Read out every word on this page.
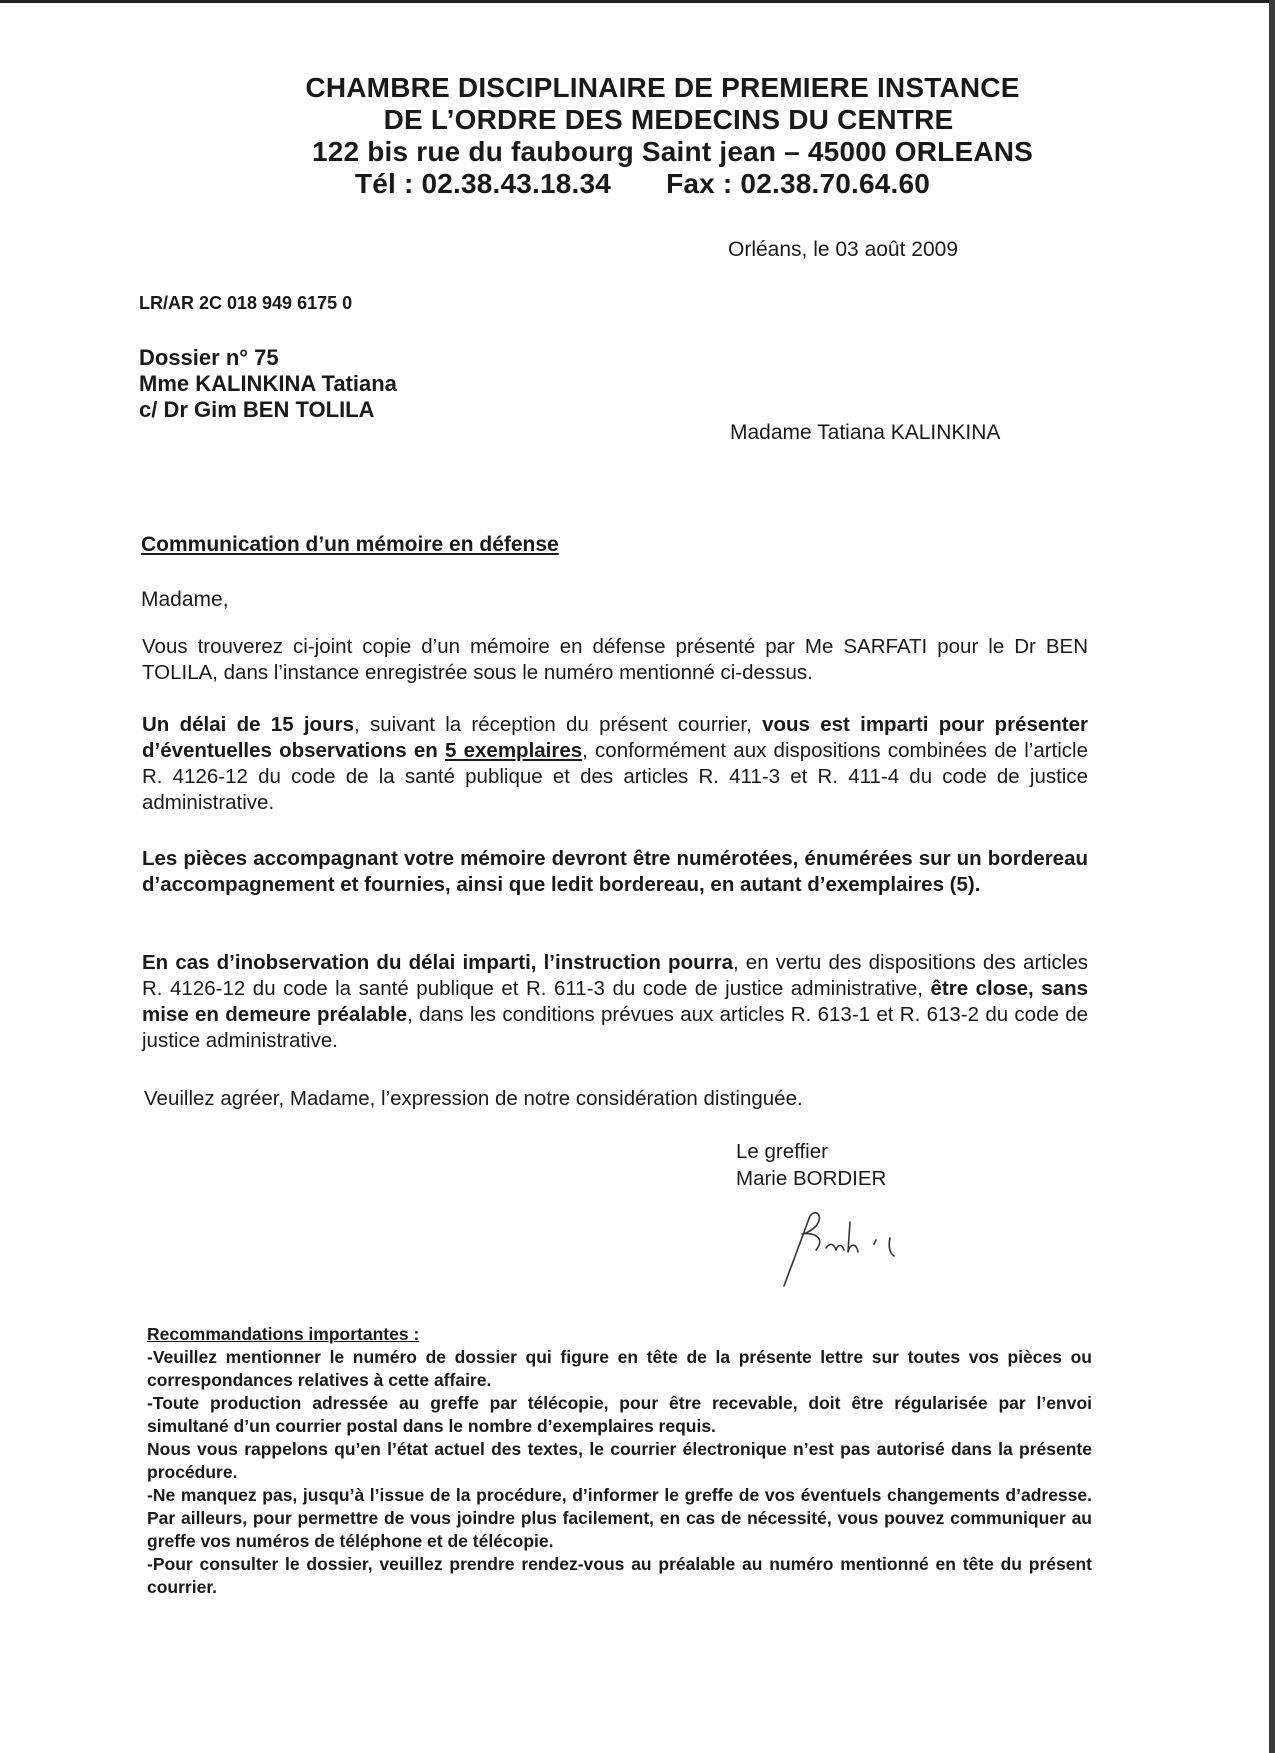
CHAMBRE DISCIPLINAIRE DE PREMIERE INSTANCE
DE L’ORDRE DES MEDECINS DU CENTRE
122 bis rue du faubourg Saint jean – 45000 ORLEANS
Tél : 02.38.43.18.34 Fax : 02.38.70.64.60
Orléans, le 03 août 2009
LR/AR 2C 018 949 6175 0
Dossier n° 75
Mme KALINKINA Tatiana
c/ Dr Gim BEN TOLILA
Madame Tatiana KALINKINA
Communication d’un mémoire en défense
Madame,
Vous trouverez ci-joint copie d’un mémoire en défense présenté par Me SARFATI pour le Dr BEN TOLILA, dans l’instance enregistrée sous le numéro mentionné ci-dessus.
Un délai de 15 jours, suivant la réception du présent courrier, vous est imparti pour présenter d’éventuelles observations en 5 exemplaires, conformément aux dispositions combinées de l’article R. 4126-12 du code de la santé publique et des articles R. 411-3 et R. 411-4 du code de justice administrative.
Les pièces accompagnant votre mémoire devront être numérotées, énumérées sur un bordereau d’accompagnement et fournies, ainsi que ledit bordereau, en autant d’exemplaires (5).
En cas d’inobservation du délai imparti, l’instruction pourra, en vertu des dispositions des articles R. 4126-12 du code la santé publique et R. 611-3 du code de justice administrative, être close, sans mise en demeure préalable, dans les conditions prévues aux articles R. 613-1 et R. 613-2 du code de justice administrative.
Veuillez agréer, Madame, l’expression de notre considération distinguée.
Le greffier
Marie BORDIER

Recommandations importantes :

-Veuillez mentionner le numéro de dossier qui figure en tête de la présente lettre sur toutes vos pièces ou correspondances relatives à cette affaire.

-Toute production adressée au greffe par télécopie, pour être recevable, doit être régularisée par l’envoi simultané d’un courrier postal dans le nombre d’exemplaires requis.

Nous vous rappelons qu’en l’état actuel des textes, le courrier électronique n’est pas autorisé dans la présente procédure.

-Ne manquez pas, jusqu’à l’issue de la procédure, d’informer le greffe de vos éventuels changements d’adresse. Par ailleurs, pour permettre de vous joindre plus facilement, en cas de nécessité, vous pouvez communiquer au greffe vos numéros de téléphone et de télécopie.

-Pour consulter le dossier, veuillez prendre rendez-vous au préalable au numéro mentionné en tête du présent courrier.
